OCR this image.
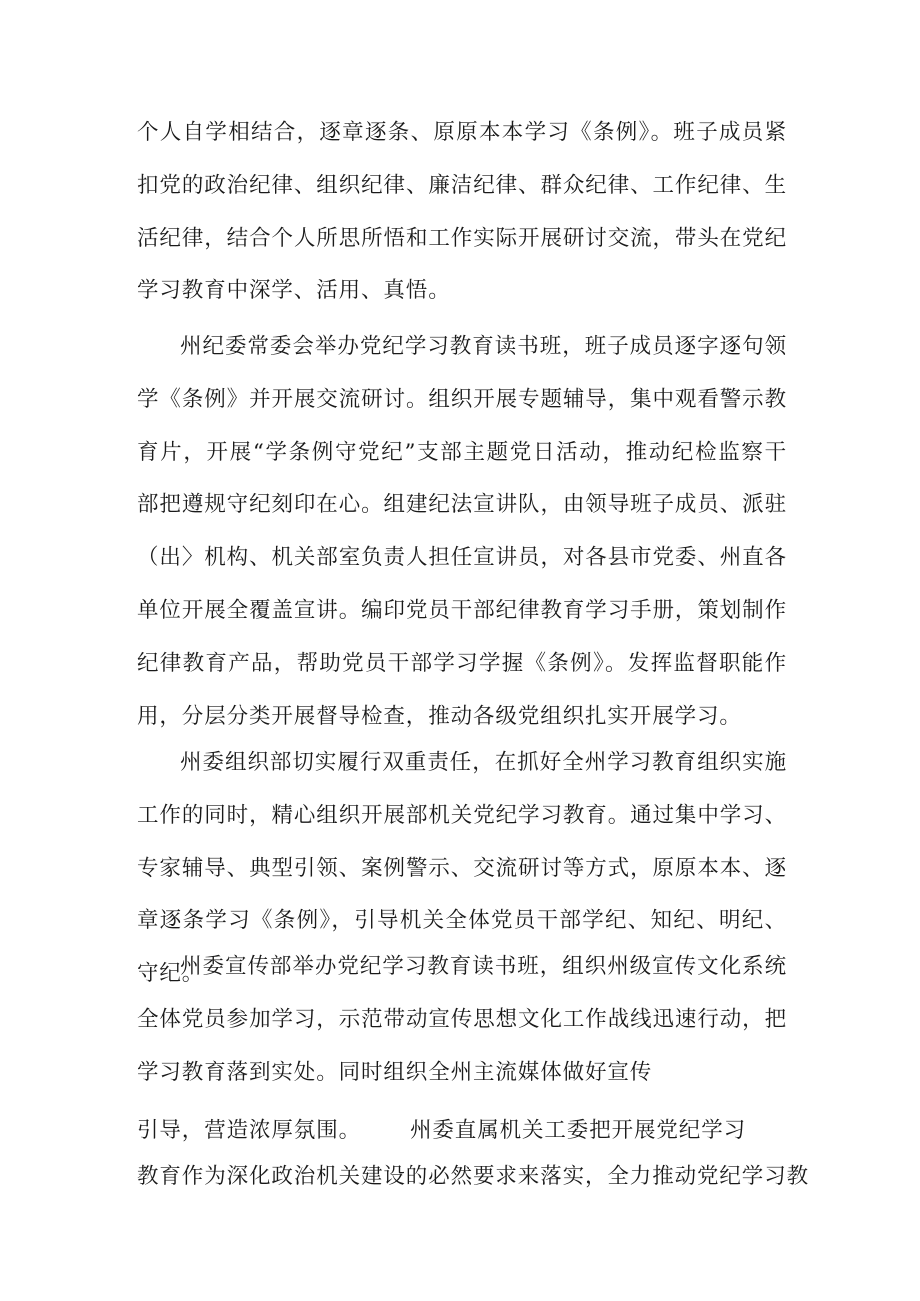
个人自学相结合，逐章逐条、原原本本学习《条例》。班子成员紧扣党的政治纪律、组织纪律、廉洁纪律、群众纪律、工作纪律、生活纪律，结合个人所思所悟和工作实际开展研讨交流，带头在党纪学习教育中深学、活用、真悟。

州纪委常委会举办党纪学习教育读书班，班子成员逐字逐句领学《条例》并开展交流研讨。组织开展专题辅导，集中观看警示教育片，开展“学条例守党纪”支部主题党日活动，推动纪检监察干部把遵规守纪刻印在心。组建纪法宣讲队，由领导班子成员、派驻（出〉机构、机关部室负责人担任宣讲员，对各县市党委、州直各单位开展全覆盖宣讲。编印党员干部纪律教育学习手册，策划制作纪律教育产品，帮助党员干部学习学握《条例》。发挥监督职能作用，分层分类开展督导检查，推动各级党组织扎实开展学习。

州委组织部切实履行双重责任，在抓好全州学习教育组织实施工作的同时，精心组织开展部机关党纪学习教育。通过集中学习、专家辅导、典型引领、案例警示、交流研讨等方式，原原本本、逐章逐条学习《条例》，引导机关全体党员干部学纪、知纪、明纪、守纪。

州委宣传部举办党纪学习教育读书班，组织州级宣传文化系统全体党员参加学习，示范带动宣传思想文化工作战线迅速行动，把学习教育落到实处。同时组织全州主流媒体做好宣传

引导，营造浓厚氛围。 州委直属机关工委把开展党纪学习
教育作为深化政治机关建设的必然要求来落实，全力推动党纪学习教
